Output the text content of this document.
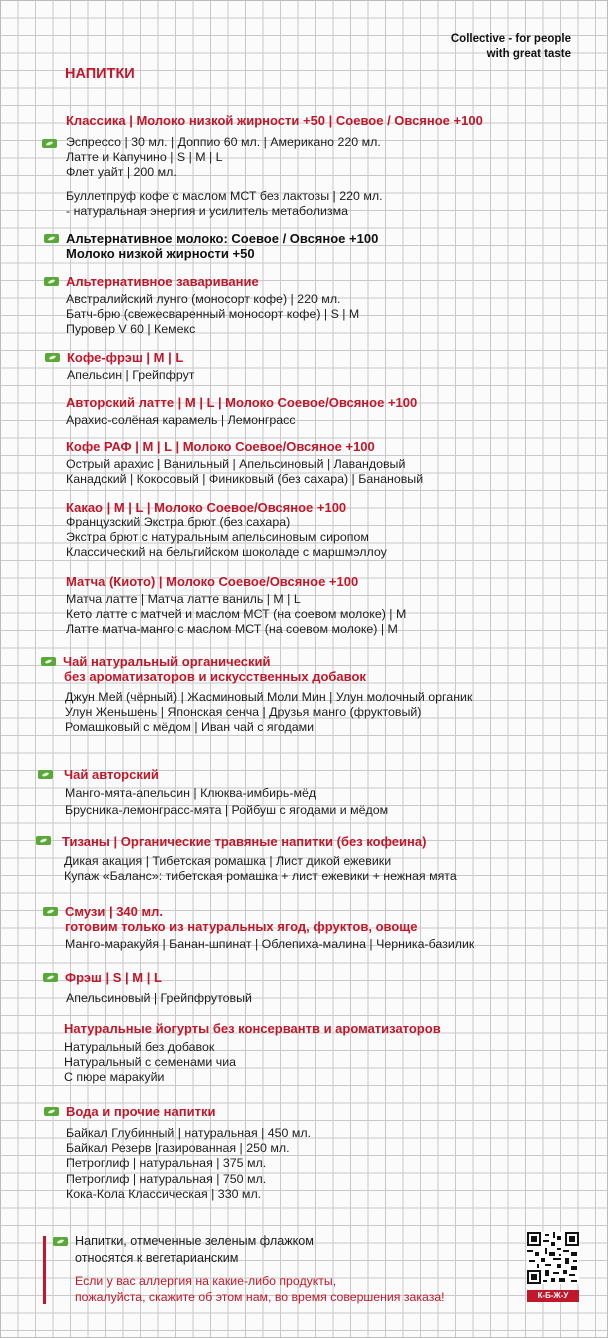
Collective - for people
with great taste
НАПИТКИ
Классика | Молоко низкой жирности +50 | Соевое / Овсяное +100
Эспрессо | 30 мл. | Доппио 60 мл. | Американо 220 мл.
Латте и Капучино | S | M | L
Флет уайт | 200 мл.
Буллетпруф кофе с маслом МСТ без лактозы | 220 мл.
- натуральная энергия и усилитель метаболизма
Альтернативное молоко: Соевое / Овсяное +100
Молоко низкой жирности +50
Альтернативное заваривание
Австралийский лунго (моносорт кофе) | 220 мл.
Батч-брю (свежесваренный моносорт кофе) | S | M
Пуровер V 60 | Кемекс
Кофе-фрэш | M | L
Апельсин | Грейпфрут
Авторский латте | M | L | Молоко Соевое/Овсяное +100
Арахис-солёная карамель | Лемонграсс
Кофе РАФ | M | L | Молоко Соевое/Овсяное +100
Острый арахис | Ванильный | Апельсиновый | Лавандовый
Канадский | Кокосовый | Финиковый (без сахара) | Банановый
Какао | M | L | Молоко Соевое/Овсяное +100
Французский Экстра брют (без сахара)
Экстра брют с натуральным апельсиновым сиропом
Классический на бельгийском шоколаде с маршмэллоу
Матча (Киото) | Молоко Соевое/Овсяное +100
Матча латте | Матча латте ваниль | M | L
Кето латте с матчей и маслом МСТ (на соевом молоке) | M
Латте матча-манго с маслом МСТ (на соевом молоке) | M
Чай натуральный органический
без ароматизаторов и искусственных добавок
Джун Мей (чёрный) | Жасминовый Моли Мин | Улун молочный органик
Улун Женьшень | Японская сенча | Друзья манго (фруктовый)
Ромашковый с мёдом | Иван чай с ягодами
Чай авторский
Манго-мята-апельсин | Клюква-имбирь-мёд
Брусника-лемонграсс-мята | Ройбуш с ягодами и мёдом
Тизаны | Органические травяные напитки (без кофеина)
Дикая акация | Тибетская ромашка | Лист дикой ежевики
Купаж «Баланс»: тибетская ромашка + лист ежевики + нежная мята
Смузи | 340 мл.
готовим только из натуральных ягод, фруктов, овоще
Манго-маракуйя | Банан-шпинат | Облепиха-малина | Черника-базилик
Фрэш | S | M | L
Апельсиновый | Грейпфрутовый
Натуральные йогурты без консервантв и ароматизаторов
Натуральный без добавок
Натуральный с семенами чиа
С пюре маракуйи
Вода и прочие напитки
Байкал Глубинный | натуральная | 450 мл.
Байкал Резерв |газированная | 250 мл.
Петроглиф | натуральная | 375 мл.
Петроглиф | натуральная | 750 мл.
Кока-Кола Классическая | 330 мл.
Напитки, отмеченные зеленым флажком
относятся к вегетарианским
Если у вас аллергия на какие-либо продукты,
пожалуйста, скажите об этом нам, во время совершения заказа!	К-Б-Ж-У
